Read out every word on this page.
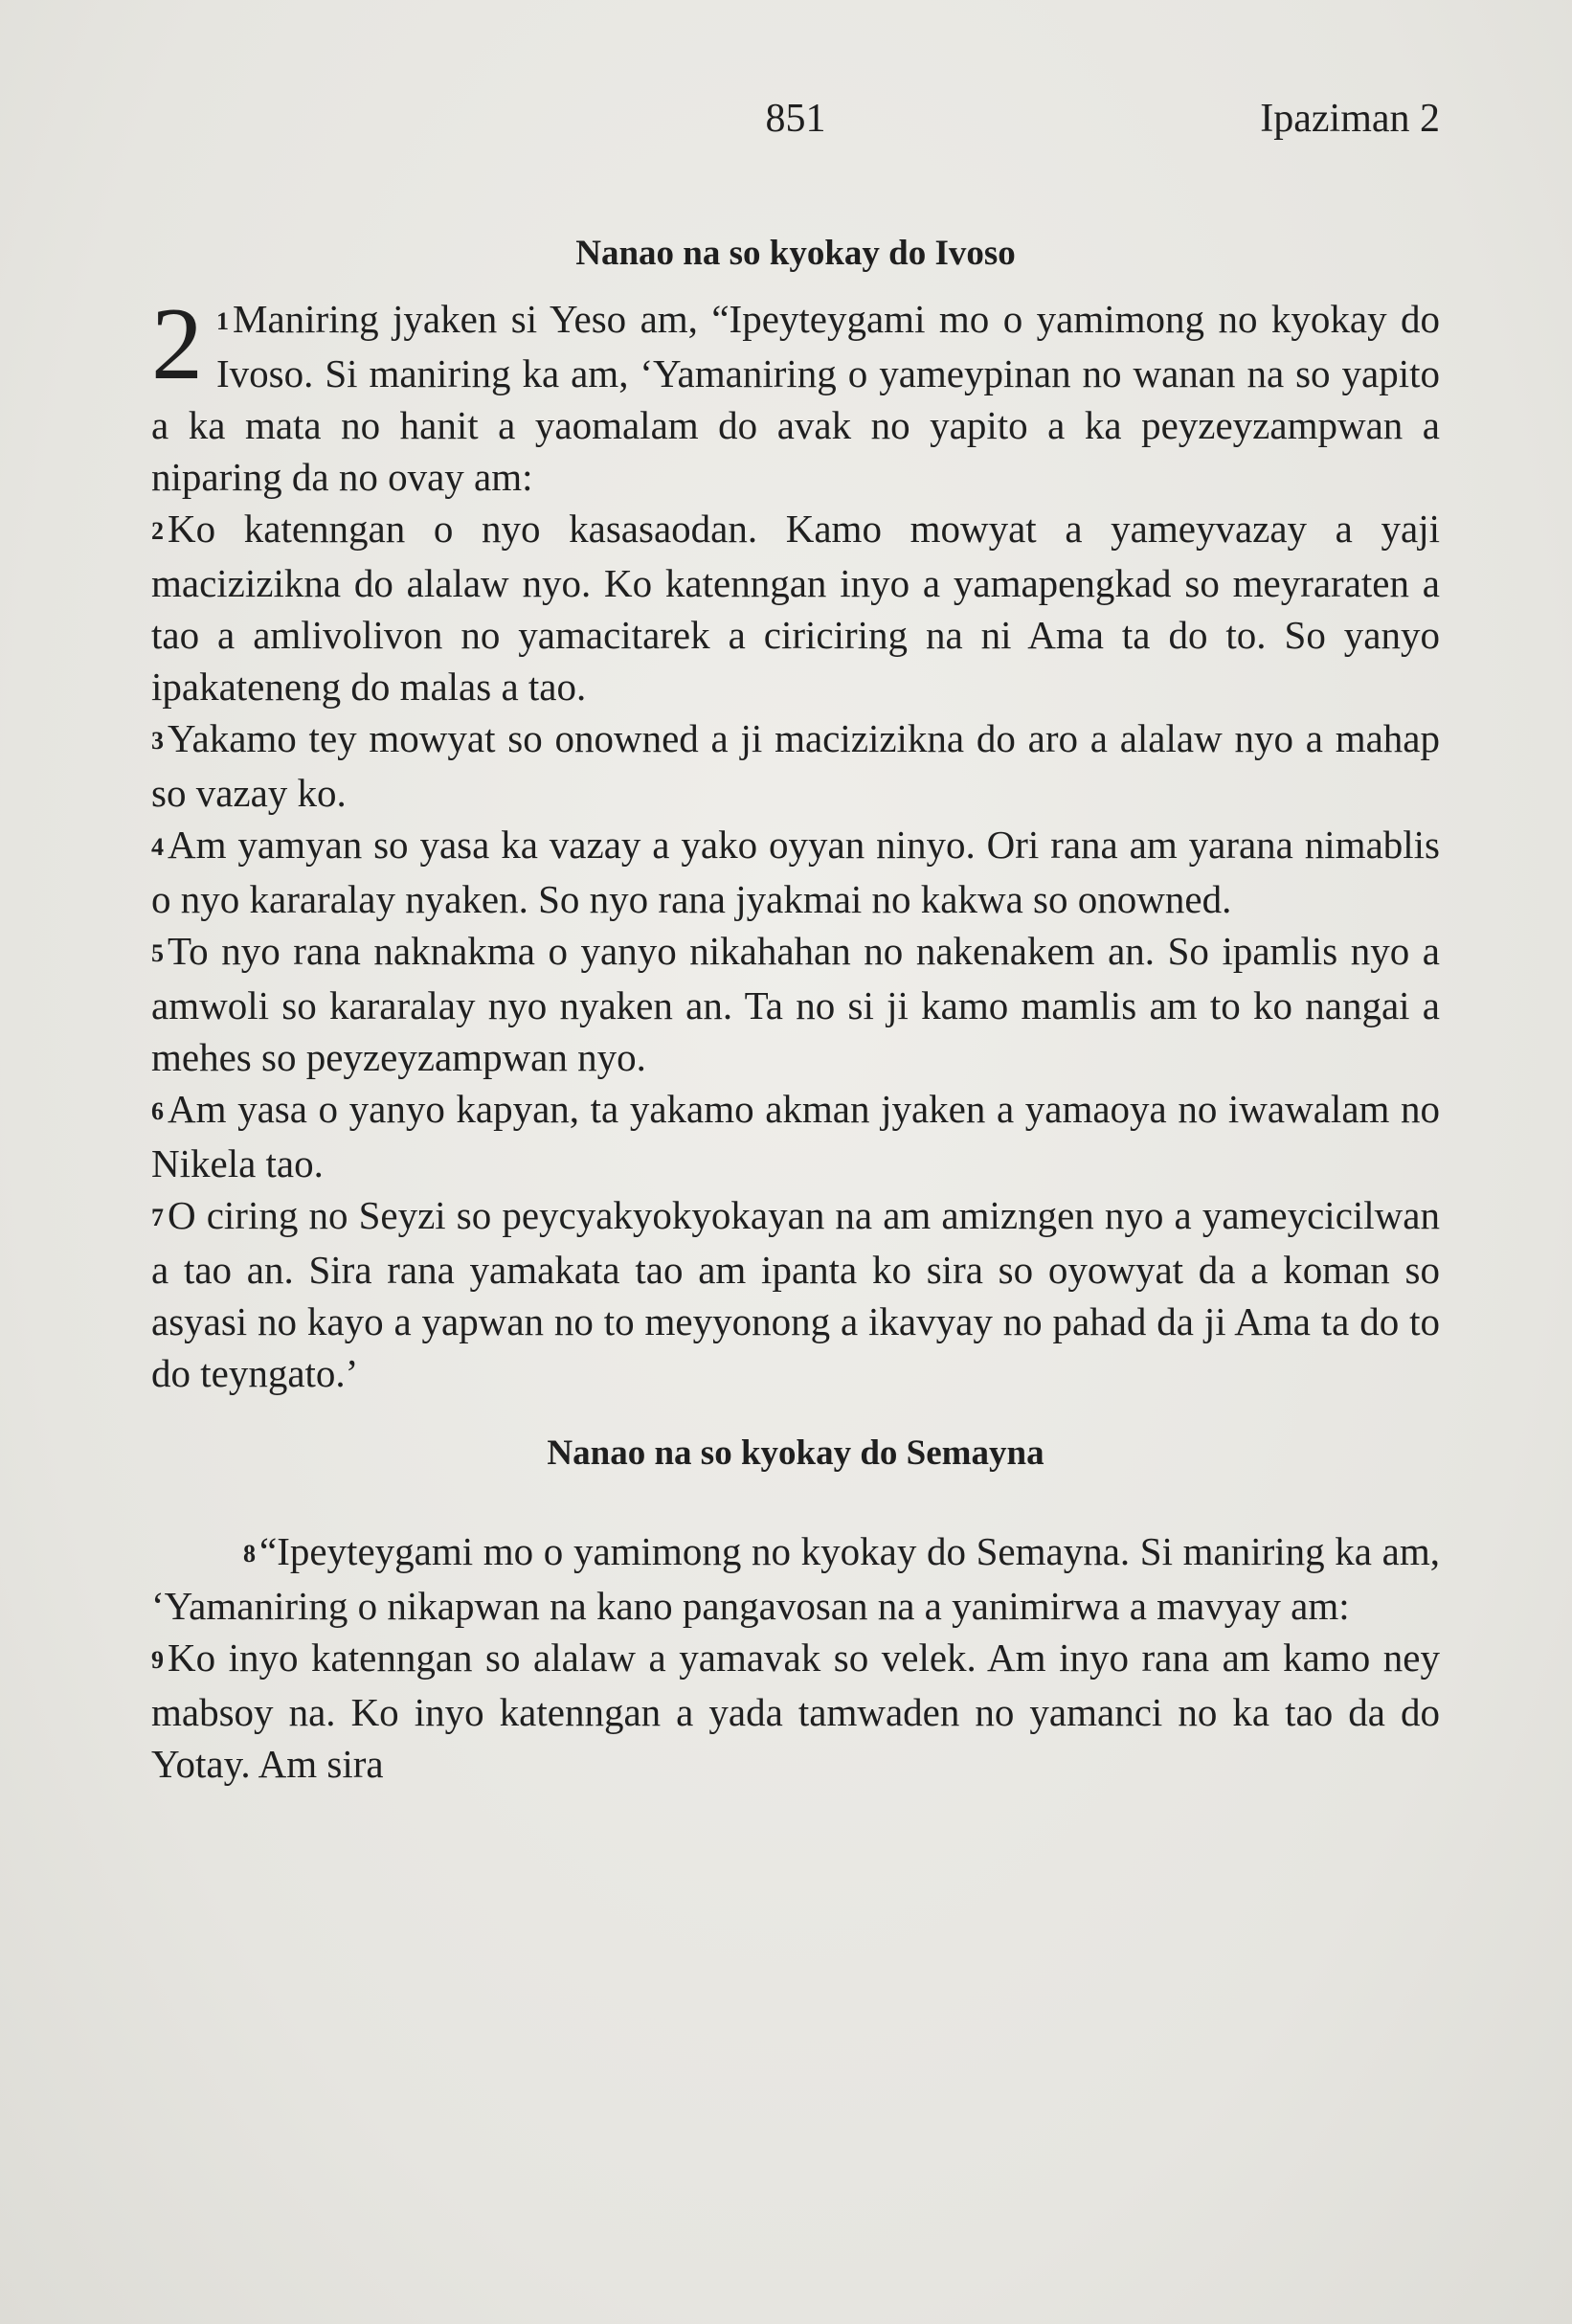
851	Ipaziman 2
Nanao na so kyokay do Ivoso

2 1Maniring jyaken si Yeso am, “Ipeyteygami mo o yamimong no kyokay do Ivoso. Si maniring ka am, ‘Yamaniring o yameypinan no wanan na so yapito a ka mata no hanit a yaomalam do avak no yapito a ka peyzeyzampwan a niparing da no ovay am:

2Ko katenngan o nyo kasasaodan. Kamo mowyat a yameyvazay a yaji macizizikna do alalaw nyo. Ko katenngan inyo a yamapengkad so meyraraten a tao a amlivolivon no yamacitarek a ciriciring na ni Ama ta do to. So yanyo ipakateneng do malas a tao.

3Yakamo tey mowyat so onowned a ji macizizikna do aro a alalaw nyo a mahap so vazay ko.

4Am yamyan so yasa ka vazay a yako oyyan ninyo. Ori rana am yarana nimablis o nyo kararalay nyaken. So nyo rana jyakmai no kakwa so onowned.

5To nyo rana naknakma o yanyo nikahahan no nakenakem an. So ipamlis nyo a amwoli so kararalay nyo nyaken an. Ta no si ji kamo mamlis am to ko nangai a mehes so peyzeyzampwan nyo.

6Am yasa o yanyo kapyan, ta yakamo akman jyaken a yamaoya no iwawalam no Nikela tao.

7O ciring no Seyzi so peycyakyokyokayan na am amizngen nyo a yameycicilwan a tao an. Sira rana yamakata tao am ipanta ko sira so oyowyat da a koman so asyasi no kayo a yapwan no to meyyonong a ikavyay no pahad da ji Ama ta do to do teyngato.’

Nanao na so kyokay do Semayna

8“Ipeyteygami mo o yamimong no kyokay do Semayna. Si maniring ka am, ‘Yamaniring o nikapwan na kano pangavosan na a yanimirwa a mavyay am:

9Ko inyo katenngan so alalaw a yamavak so velek. Am inyo rana am kamo ney mabsoy na. Ko inyo katenngan a yada tamwaden no yamanci no ka tao da do Yotay. Am sira
